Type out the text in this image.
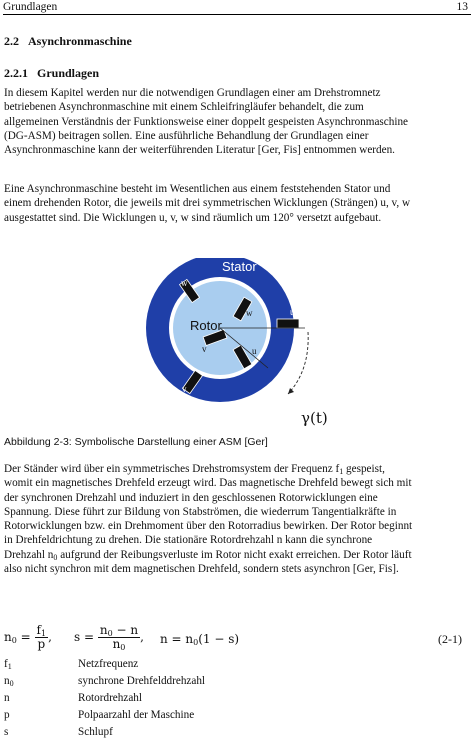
Grundlagen	13
2.2 Asynchronmaschine
2.2.1 Grundlagen
In diesem Kapitel werden nur die notwendigen Grundlagen einer am Drehstromnetz
betriebenen Asynchronmaschine mit einem Schleifringläufer behandelt, die zum
allgemeinen Verständnis der Funktionsweise einer doppelt gespeisten Asynchronmaschine
(DG-ASM) beitragen sollen. Eine ausführliche Behandlung der Grundlagen einer
Asynchronmaschine kann der weiterführenden Literatur [Ger, Fis] entnommen werden.
Eine Asynchronmaschine besteht im Wesentlichen aus einem feststehenden Stator und
einem drehenden Rotor, die jeweils mit drei symmetrischen Wicklungen (Strängen) u, v, w
ausgestattet sind. Die Wicklungen u, v, w sind räumlich um 120° versetzt aufgebaut.
Stator
Rotor
w
u
v
w
v	u
γ(t)
Abbildung 2-3: Symbolische Darstellung einer ASM [Ger]
Der Ständer wird über ein symmetrisches Drehstromsystem der Frequenz $f_1$ gespeist,
womit ein magnetisches Drehfeld erzeugt wird. Das magnetische Drehfeld bewegt sich mit
der synchronen Drehzahl und induziert in den geschlossenen Rotorwicklungen eine
Spannung. Diese führt zur Bildung von Stabströmen, die wiederrum Tangentialkräfte in
Rotorwicklungen bzw. ein Drehmoment über den Rotorradius bewirken. Der Rotor beginnt
in Drehfeldrichtung zu drehen. Die stationäre Rotordrehzahl n kann die synchrone
Drehzahl $n_0$ aufgrund der Reibungsverluste im Rotor nicht exakt erreichen. Der Rotor läuft
also nicht synchron mit dem magnetischen Drehfeld, sondern stets asynchron [Ger, Fis].
$n_0 = \frac{f_1}{p}$ , $s = \frac{n_0 - n}{n_0}$ , $n = n_0(1 - s)$	(2-1)
$f_1$	Netzfrequenz
$n_0$	synchrone Drehfelddrehzahl
n	Rotordrehzahl
p	Polpaarzahl der Maschine
s	Schlupf
